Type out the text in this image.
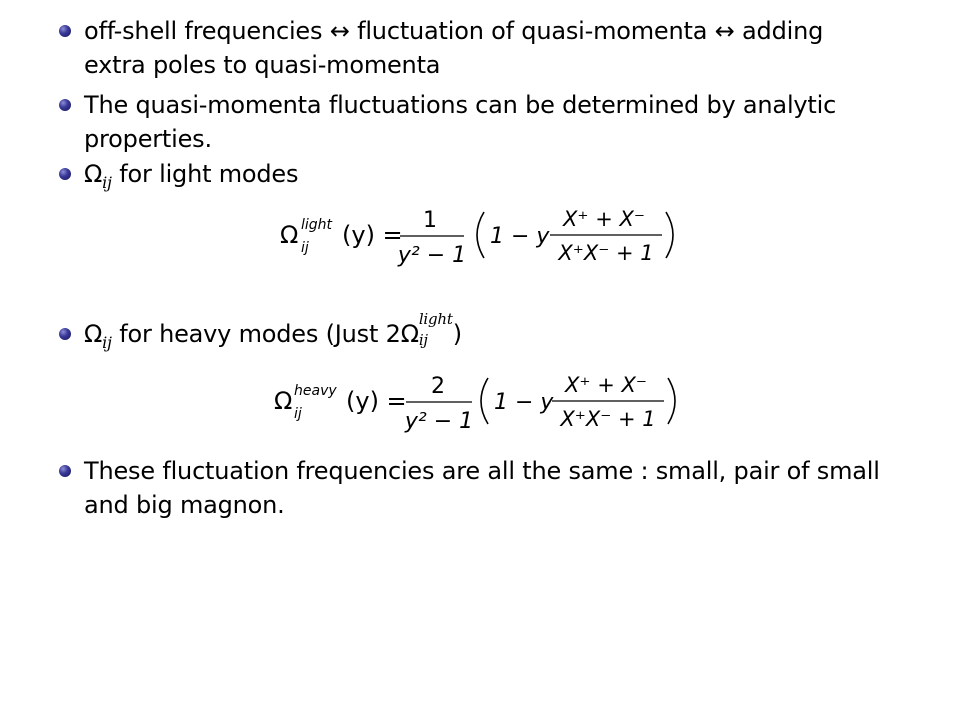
off-shell frequencies ↔ fluctuation of quasi-momenta ↔ adding
extra poles to quasi-momenta
The quasi-momenta fluctuations can be determined by analytic
properties.
$\Omega_{ij}$ for light modes
Ω light
ij (y) =
1
y² − 1
1 − y
X⁺ + X⁻
X⁺X⁻ + 1
$\Omega_{ij}$ for heavy modes (Just 2Ω
light
ij	)
Ω heavy
ij (y) =
2
y² − 1
1 − y
X⁺ + X⁻
X⁺X⁻ + 1
These fluctuation frequencies are all the same : small, pair of small
and big magnon.
